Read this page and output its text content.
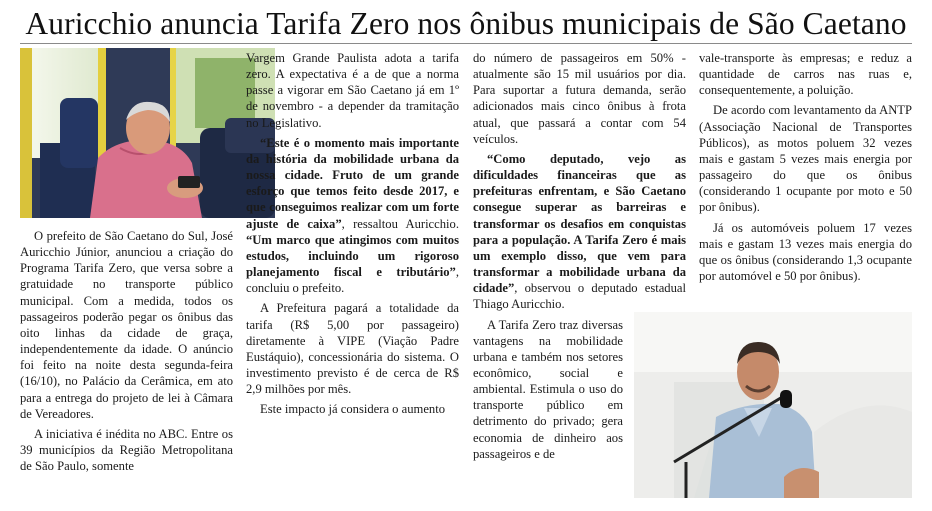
Auricchio anuncia Tarifa Zero nos ônibus municipais de São Caetano

O prefeito de São Caetano do Sul, José Auricchio Júnior, anunciou a criação do Programa Tarifa Zero, que versa sobre a gratuidade no transporte público municipal. Com a medida, todos os passageiros poderão pegar os ônibus das oito linhas da cidade de graça, independentemente da idade. O anúncio foi feito na noite desta segunda-feira (16/10), no Palácio da Cerâmica, em ato para a entrega do projeto de lei à Câmara de Vereadores.

A iniciativa é inédita no ABC. Entre os 39 municípios da Região Metropolitana de São Paulo, somente

Vargem Grande Paulista adota a tarifa zero. A expectativa é a de que a norma passe a vigorar em São Caetano já em 1º de novembro - a depender da tramitação no Legislativo.

“Este é o momento mais importante da história da mobilidade urbana da nossa cidade. Fruto de um grande esforço que temos feito desde 2017, e que conseguimos realizar com um forte ajuste de caixa”, ressaltou Auricchio. “Um marco que atingimos com muitos estudos, incluindo um rigoroso planejamento fiscal e tributário”, concluiu o prefeito.

A Prefeitura pagará a totalidade da tarifa (R$ 5,00 por passageiro) diretamente à VIPE (Viação Padre Eustáquio), concessionária do sistema. O investimento previsto é de cerca de R$ 2,9 milhões por mês.

Este impacto já considera o aumento

do número de passageiros em 50% - atualmente são 15 mil usuários por dia. Para suportar a futura demanda, serão adicionados mais cinco ônibus à frota atual, que passará a contar com 54 veículos.

“Como deputado, vejo as dificuldades financeiras que as prefeituras enfrentam, e São Caetano consegue superar as barreiras e transformar os desafios em conquistas para a população. A Tarifa Zero é mais um exemplo disso, que vem para transformar a mobilidade urbana da cidade”, observou o deputado estadual Thiago Auricchio.

A Tarifa Zero traz diversas vantagens na mobilidade urbana e também nos setores econômico, social e ambiental. Estimula o uso do transporte público em detrimento do privado; gera economia de dinheiro aos passageiros e de

vale-transporte às empresas; e reduz a quantidade de carros nas ruas e, consequentemente, a poluição.

De acordo com levantamento da ANTP (Associação Nacional de Transportes Públicos), as motos poluem 32 vezes mais e gastam 5 vezes mais energia por passageiro do que os ônibus (considerando 1 ocupante por moto e 50 por ônibus).

Já os automóveis poluem 17 vezes mais e gastam 13 vezes mais energia do que os ônibus (considerando 1,3 ocupante por automóvel e 50 por ônibus).
